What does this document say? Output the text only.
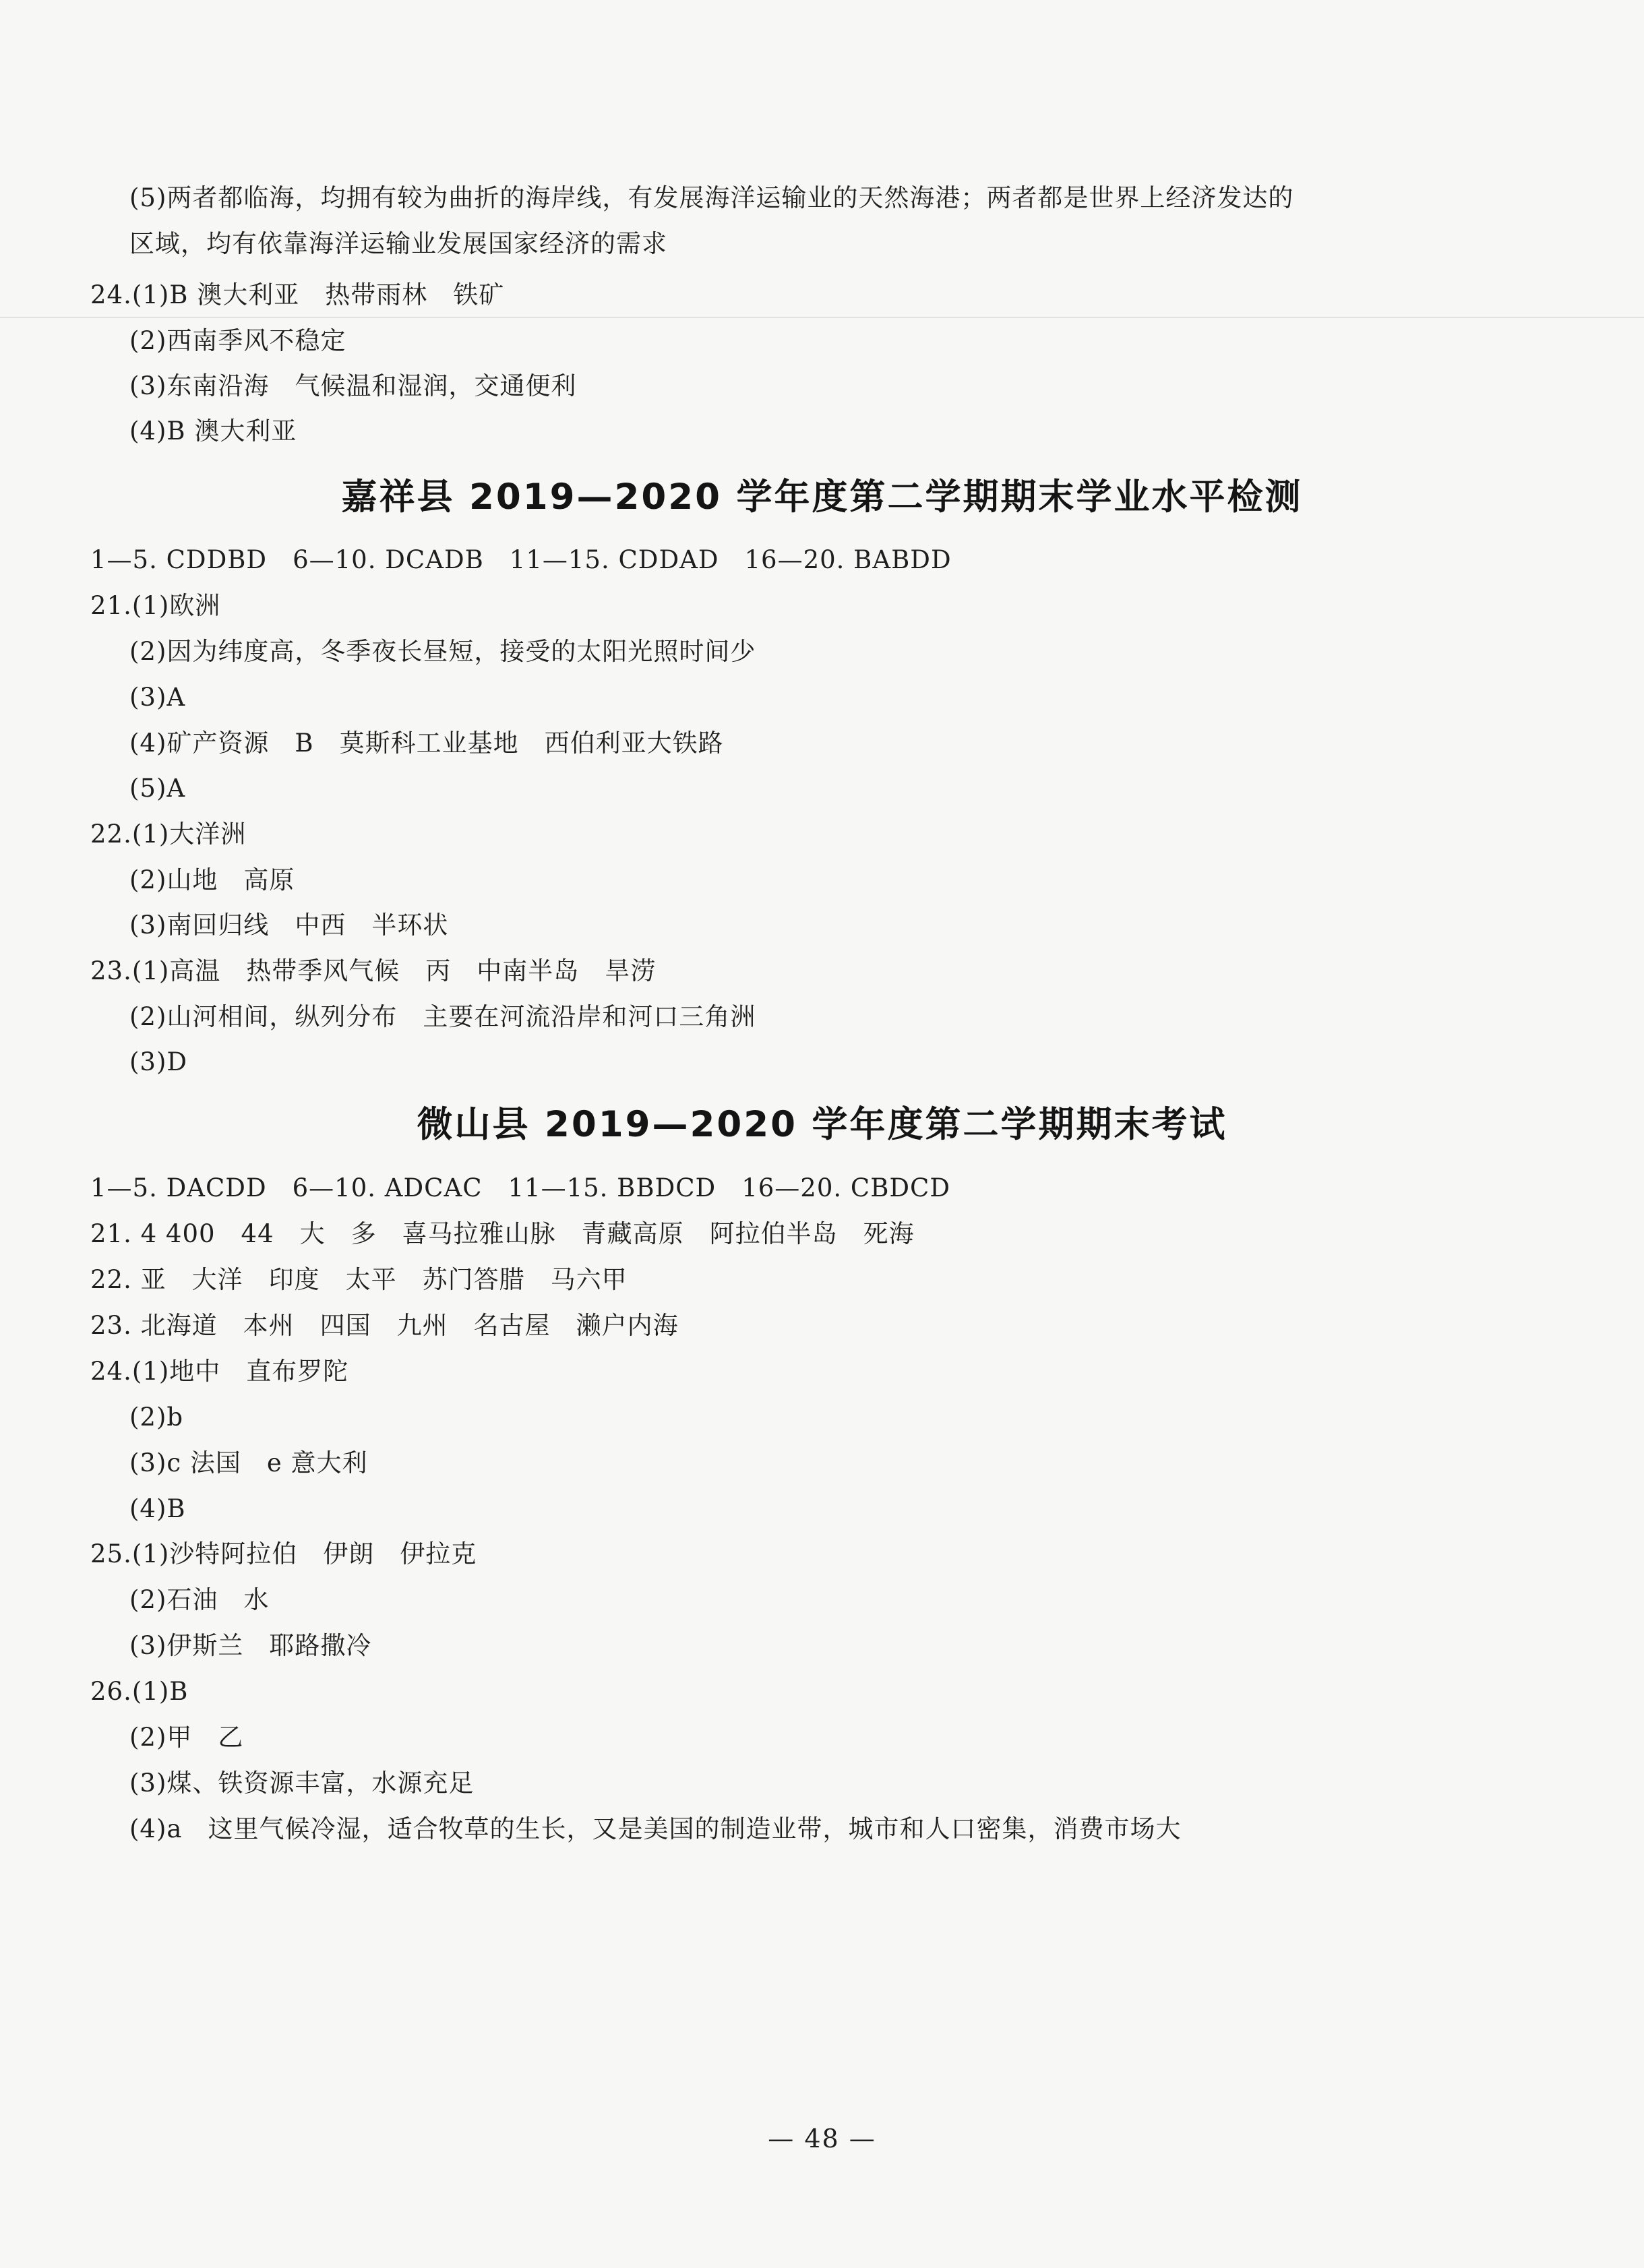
(5)两者都临海，均拥有较为曲折的海岸线，有发展海洋运输业的天然海港；两者都是世界上经济发达的
区域，均有依靠海洋运输业发展国家经济的需求
24.(1)B 澳大利亚　热带雨林　铁矿
(2)西南季风不稳定
(3)东南沿海　气候温和湿润，交通便利
(4)B 澳大利亚
嘉祥县 2019—2020 学年度第二学期期末学业水平检测
1—5. CDDBD　6—10. DCADB　11—15. CDDAD　16—20. BABDD
21.(1)欧洲
(2)因为纬度高，冬季夜长昼短，接受的太阳光照时间少
(3)A
(4)矿产资源　B　莫斯科工业基地　西伯利亚大铁路
(5)A
22.(1)大洋洲
(2)山地　高原
(3)南回归线　中西　半环状
23.(1)高温　热带季风气候　丙　中南半岛　旱涝
(2)山河相间，纵列分布　主要在河流沿岸和河口三角洲
(3)D
微山县 2019—2020 学年度第二学期期末考试
1—5. DACDD　6—10. ADCAC　11—15. BBDCD　16—20. CBDCD
21. 4 400　44　大　多　喜马拉雅山脉　青藏高原　阿拉伯半岛　死海
22. 亚　大洋　印度　太平　苏门答腊　马六甲
23. 北海道　本州　四国　九州　名古屋　濑户内海
24.(1)地中　直布罗陀
(2)b
(3)c 法国　e 意大利
(4)B
25.(1)沙特阿拉伯　伊朗　伊拉克
(2)石油　水
(3)伊斯兰　耶路撒冷
26.(1)B
(2)甲　乙
(3)煤、铁资源丰富，水源充足
(4)a　这里气候冷湿，适合牧草的生长，又是美国的制造业带，城市和人口密集，消费市场大
— 48 —
